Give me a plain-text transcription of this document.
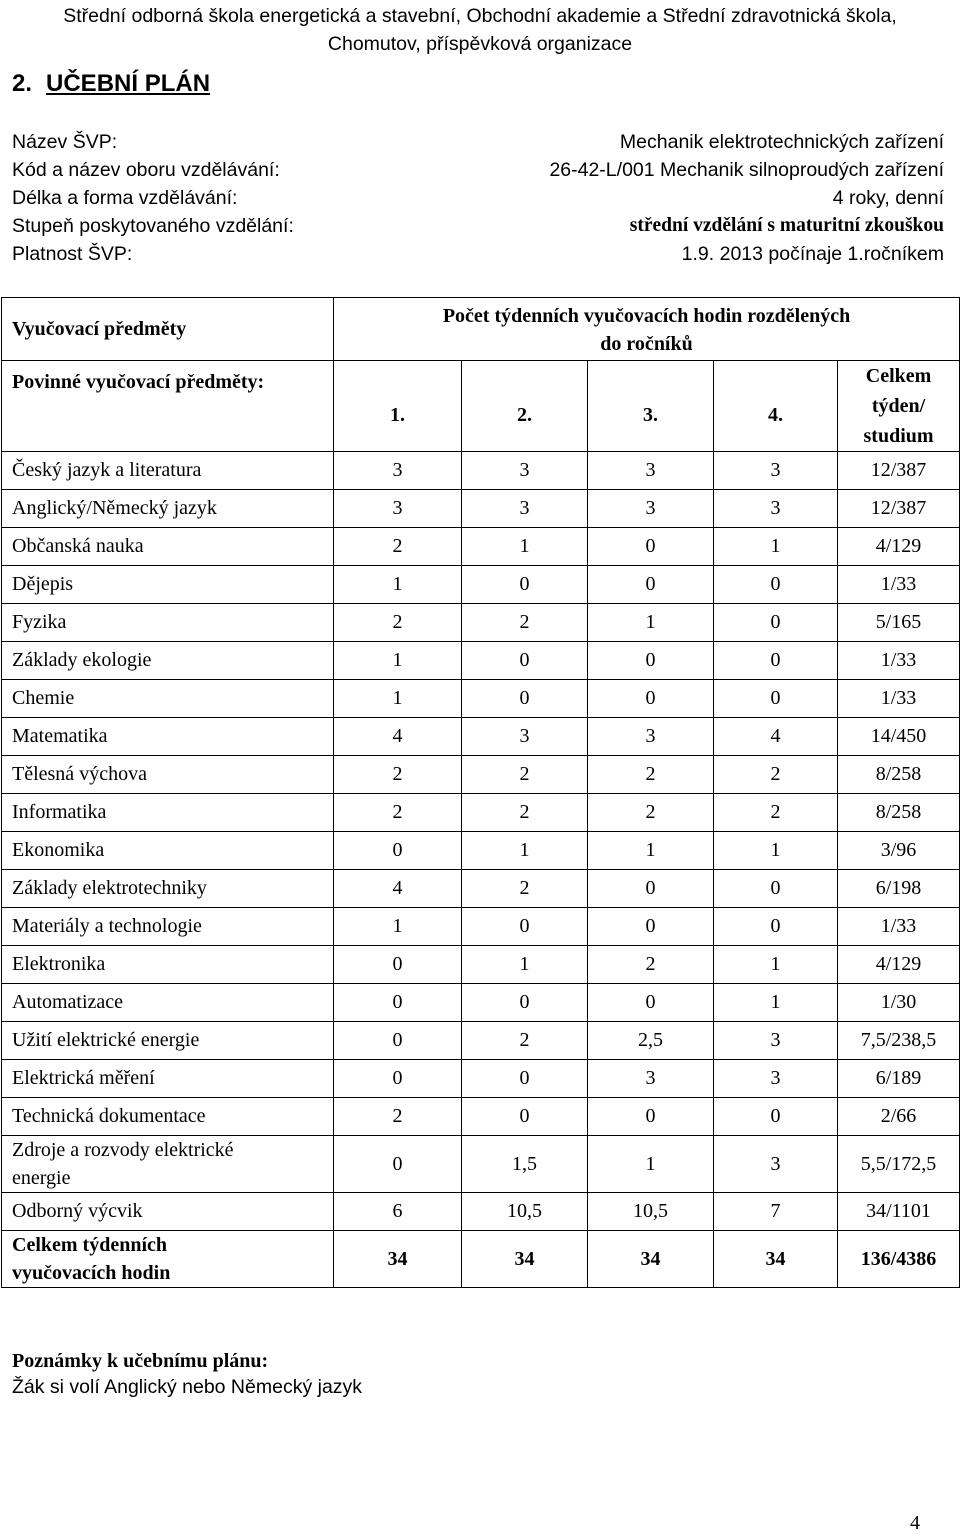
Střední odborná škola energetická a stavební, Obchodní akademie a Střední zdravotnická škola,
Chomutov, příspěvková organizace
2. UČEBNÍ PLÁN
Název ŠVP:	Mechanik elektrotechnických zařízení
Kód a název oboru vzdělávání:	26-42-L/001 Mechanik silnoproudých zařízení
Délka a forma vzdělávání:	4 roky, denní
Stupeň poskytovaného vzdělání:	střední vzdělání s maturitní zkouškou
Platnost ŠVP:	1.9. 2013 počínaje 1.ročníkem
Vyučovací předměty	Počet týdenních vyučovacích hodin rozdělených
do ročníků				

Povinné vyučovací předměty:	1.	2.	3.	4.	Celkem
týden/
studium

Český jazyk a literatura	3	3	3	3	12/387
Anglický/Německý jazyk	3	3	3	3	12/387
Občanská nauka	2	1	0	1	4/129
Dějepis	1	0	0	0	1/33
Fyzika	2	2	1	0	5/165
Základy ekologie	1	0	0	0	1/33
Chemie	1	0	0	0	1/33
Matematika	4	3	3	4	14/450
Tělesná výchova	2	2	2	2	8/258
Informatika	2	2	2	2	8/258
Ekonomika	0	1	1	1	3/96
Základy elektrotechniky	4	2	0	0	6/198
Materiály a technologie	1	0	0	0	1/33
Elektronika	0	1	2	1	4/129
Automatizace	0	0	0	1	1/30
Užití elektrické energie	0	2	2,5	3	7,5/238,5
Elektrická měření	0	0	3	3	6/189
Technická dokumentace	2	0	0	0	2/66
Zdroje a rozvody elektrické energie	0	1,5	1	3	5,5/172,5
Odborný výcvik	6	10,5	10,5	7	34/1101

Celkem týdenních
vyučovacích hodin	34	34	34	34	136/4386
Poznámky k učebnímu plánu:
Žák si volí Anglický nebo Německý jazyk
4
